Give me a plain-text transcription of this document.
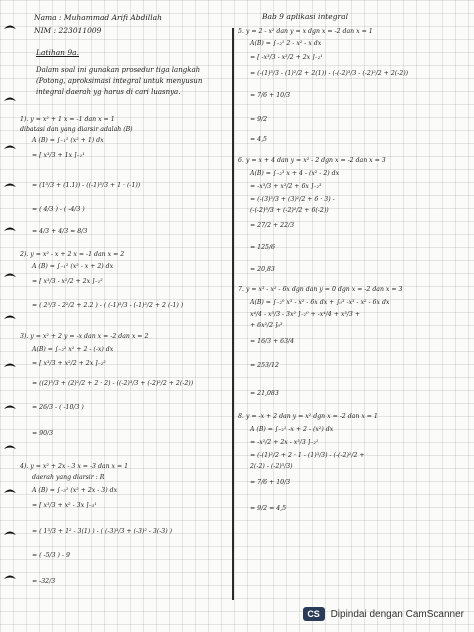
Nama : Muhammad Arifi Abdillah
NIM : 223011009
Bab 9 aplikasi integral
Latihan 9a.
Dalam soal ini gunakan prosedur tiga langkah
(Potong, aproksimasi integral untuk menyusun
integral daerah yg harus di cari luasnya.
1). y = x² + 1 x = -1 dan x = 1
dibatasi dan yang diarsir adalah (B)
A (B) = ∫₋₁¹ (x² + 1) dx
= [ x³/3 + 1x ]₋₁¹
= (1³/3 + (1.1)) - ((-1)³/3 + 1 · (-1))
= ( 4/3 ) - ( -4/3 )
= 4/3 + 4/3 = 8/3
2). y = x² - x + 2 x = -1 dan x = 2
A (B) = ∫₋₁² (x² - x + 2) dx
= [ x³/3 - x²/2 + 2x ]₋₁²
= ( 2³/3 - 2²/2 + 2.2 ) - ( (-1)³/3 - (-1)²/2 + 2 (-1) )
3). y = x² + 2 y = -x dan x = -2 dan x = 2
A(B) = ∫₋₂² x² + 2 - (-x) dx
= [ x³/3 + x²/2 + 2x ]₋₂²
= ((2)³/3 + (2)²/2 + 2 · 2) - ((-2)³/3 + (-2)²/2 + 2(-2))
= 26/3 - ( -10/3 )
= 90/3
4). y = x² + 2x - 3 x = -3 dan x = 1
daerah yang diarsir : R
A (B) = ∫₋₃¹ (x² + 2x - 3) dx
= [ x³/3 + x² - 3x ]₋₃¹
= ( 1³/3 + 1² - 3(1) ) - ( (-3)³/3 + (-3)² - 3(-3) )
= ( -5/3 ) - 9
= -32/3
5. y = 2 - x² dan y = x dgn x = -2 dan x = 1
A(B) = ∫₋₂¹ 2 - x² - x dx
= [ -x³/3 - x²/2 + 2x ]₋₂¹
= (-(1)³/3 - (1)²/2 + 2(1)) - (-(-2)³/3 - (-2)²/2 + 2(-2))
= 7/6 + 10/3
= 9/2
= 4,5
6. y = x + 4 dan y = x² - 2 dgn x = -2 dan x = 3
A(B) = ∫₋₂³ x + 4 - (x² - 2) dx
= -x³/3 + x²/2 + 6x ]₋₂³
= (-(3)³/3 + (3)²/2 + 6 · 3) -
(-(-2)³/3 + (-2)²/2 + 6(-2))
= 27/2 + 22/3
= 125/6
= 20,83
7. y = x³ - x² - 6x dgn dan y = 0 dgn x = -2 dan x = 3
A(B) = ∫₋₂⁰ x³ - x² - 6x dx + ∫₀³ -x³ - x² - 6x dx
x⁴/4 - x³/3 - 3x² ]₋₂⁰ + -x⁴/4 + x³/3 +
+ 6x²/2 ]₀³
= 16/3 + 63/4
= 253/12
= 21,083
8. y = -x + 2 dan y = x² dgn x = -2 dan x = 1
A (B) = ∫₋₂¹ -x + 2 - (x²) dx
= -x²/2 + 2x - x³/3 ]₋₂¹
= (-(1)²/2 + 2 · 1 - (1)³/3) - (-(-2)²/2 +
2(-2) - (-2)³/3)
= 7/6 + 10/3
= 9/2 = 4,5
CS	Dipindai dengan CamScanner
